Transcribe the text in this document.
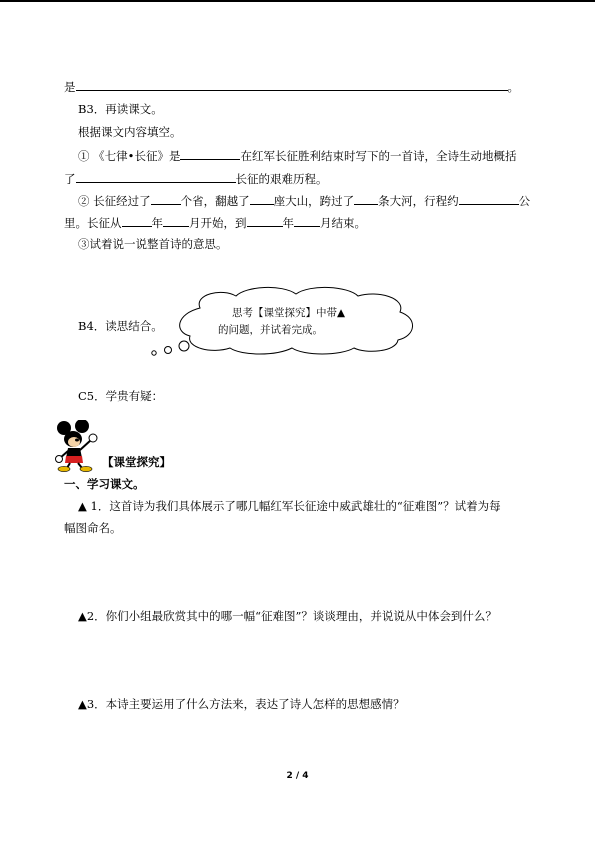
是	。
B3．再读课文。
根据课文内容填空。
① 《七律•长征》是	在红军长征胜利结束时写下的一首诗，全诗生动地概括
了	长征的艰难历程。
② 长征经过了	个省，翻越了 座大山，跨过了 条大河，行程约	公
里。长征从	年 月开始，到	年 月结束。
③试着说一说整首诗的意思。
B4．读思结合。
思考【课堂探究】中带▲
的问题，并试着完成。
C5．学贵有疑：
【课堂探究】
一、学习课文。
▲ 1．这首诗为我们具体展示了哪几幅红军长征途中威武雄壮的“征难图”？试着为每
幅图命名。
▲2．你们小组最欣赏其中的哪一幅“征难图”？谈谈理由，并说说从中体会到什么？
▲3．本诗主要运用了什么方法来，表达了诗人怎样的思想感情？
2 / 4
